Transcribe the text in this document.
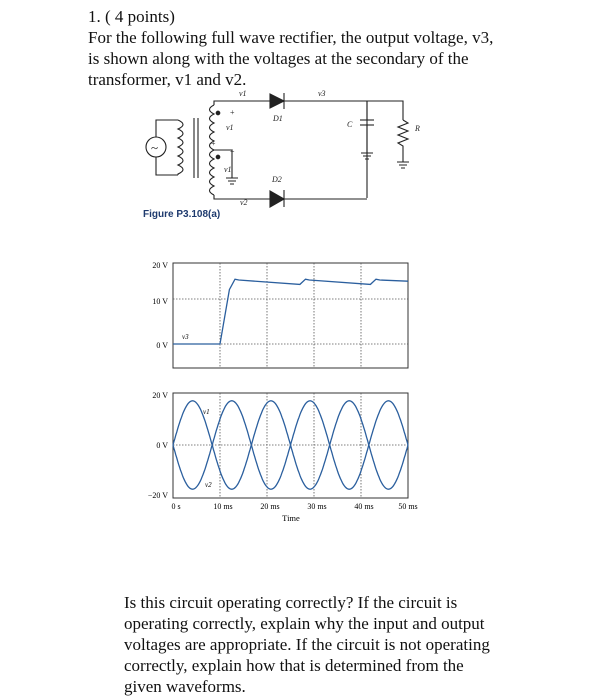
1. ( 4 points)

For the following full wave rectifier, the output voltage, v3,

is shown along with the voltages at the secondary of the

transformer, v1 and v2.

~
v1
v1
v1
v2
v3
D1
D2
C	R
+
+
+
20 V
10 V
0 V
v3
20 V
0 V
−20 V
v1
v2
0 s	10 ms	20 ms	30 ms	40 ms	50 ms
Time
Figure P3.108(a)

Is this circuit operating correctly? If the circuit is

operating correctly, explain why the input and output

voltages are appropriate. If the circuit is not operating

correctly, explain how that is determined from the

given waveforms.
